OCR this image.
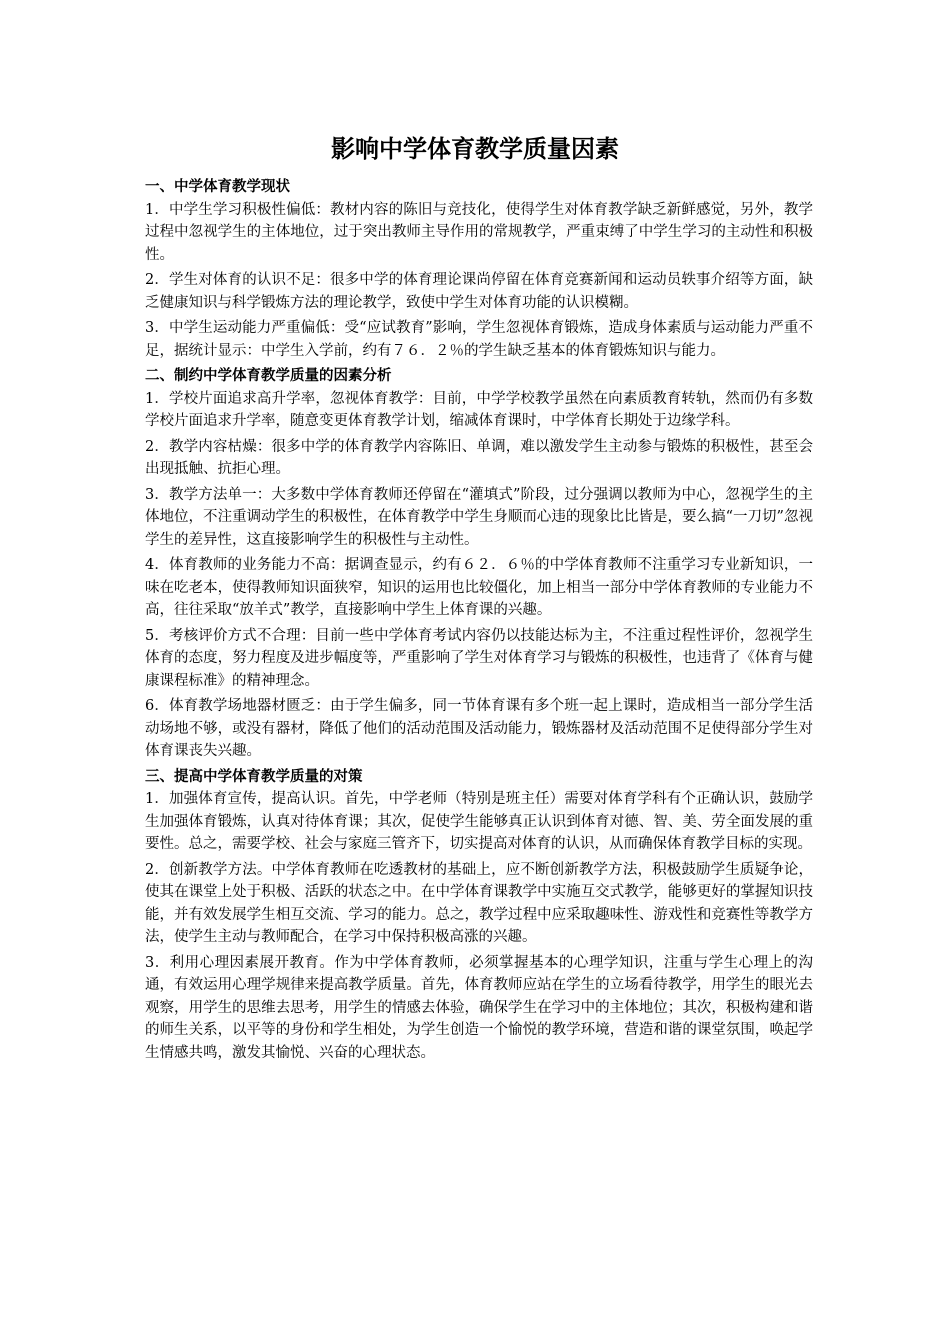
影响中学体育教学质量因素
一、中学体育教学现状

1．中学生学习积极性偏低：教材内容的陈旧与竞技化，使得学生对体育教学缺乏新鲜感觉，另外，教学过程中忽视学生的主体地位，过于突出教师主导作用的常规教学，严重束缚了中学生学习的主动性和积极性。

2．学生对体育的认识不足：很多中学的体育理论课尚停留在体育竞赛新闻和运动员轶事介绍等方面，缺乏健康知识与科学锻炼方法的理论教学，致使中学生对体育功能的认识模糊。

3．中学生运动能力严重偏低：受“应试教育”影响，学生忽视体育锻炼，造成身体素质与运动能力严重不足，据统计显示：中学生入学前，约有７６．２％的学生缺乏基本的体育锻炼知识与能力。

二、制约中学体育教学质量的因素分析

1．学校片面追求高升学率，忽视体育教学：目前，中学学校教学虽然在向素质教育转轨，然而仍有多数学校片面追求升学率，随意变更体育教学计划，缩减体育课时，中学体育长期处于边缘学科。

2．教学内容枯燥：很多中学的体育教学内容陈旧、单调，难以激发学生主动参与锻炼的积极性，甚至会出现抵触、抗拒心理。

3．教学方法单一：大多数中学体育教师还停留在“灌填式”阶段，过分强调以教师为中心，忽视学生的主体地位，不注重调动学生的积极性，在体育教学中学生身顺而心违的现象比比皆是，要么搞“一刀切”忽视学生的差异性，这直接影响学生的积极性与主动性。

4．体育教师的业务能力不高：据调查显示，约有６２．６％的中学体育教师不注重学习专业新知识，一味在吃老本，使得教师知识面狭窄，知识的运用也比较僵化，加上相当一部分中学体育教师的专业能力不高，往往采取“放羊式”教学，直接影响中学生上体育课的兴趣。

5．考核评价方式不合理：目前一些中学体育考试内容仍以技能达标为主，不注重过程性评价，忽视学生体育的态度，努力程度及进步幅度等，严重影响了学生对体育学习与锻炼的积极性，也违背了《体育与健康课程标准》的精神理念。

6．体育教学场地器材匮乏：由于学生偏多，同一节体育课有多个班一起上课时，造成相当一部分学生活动场地不够，或没有器材，降低了他们的活动范围及活动能力，锻炼器材及活动范围不足使得部分学生对体育课丧失兴趣。

三、提高中学体育教学质量的对策

1．加强体育宣传，提高认识。首先，中学老师（特别是班主任）需要对体育学科有个正确认识，鼓励学生加强体育锻炼，认真对待体育课；其次，促使学生能够真正认识到体育对德、智、美、劳全面发展的重要性。总之，需要学校、社会与家庭三管齐下，切实提高对体育的认识，从而确保体育教学目标的实现。

2．创新教学方法。中学体育教师在吃透教材的基础上，应不断创新教学方法，积极鼓励学生质疑争论，使其在课堂上处于积极、活跃的状态之中。在中学体育课教学中实施互交式教学，能够更好的掌握知识技能，并有效发展学生相互交流、学习的能力。总之，教学过程中应采取趣味性、游戏性和竞赛性等教学方法，使学生主动与教师配合，在学习中保持积极高涨的兴趣。

3．利用心理因素展开教育。作为中学体育教师，必须掌握基本的心理学知识，注重与学生心理上的沟通，有效运用心理学规律来提高教学质量。首先，体育教师应站在学生的立场看待教学，用学生的眼光去观察，用学生的思维去思考，用学生的情感去体验，确保学生在学习中的主体地位；其次，积极构建和谐的师生关系，以平等的身份和学生相处，为学生创造一个愉悦的教学环境，营造和谐的课堂氛围，唤起学生情感共鸣，激发其愉悦、兴奋的心理状态。
